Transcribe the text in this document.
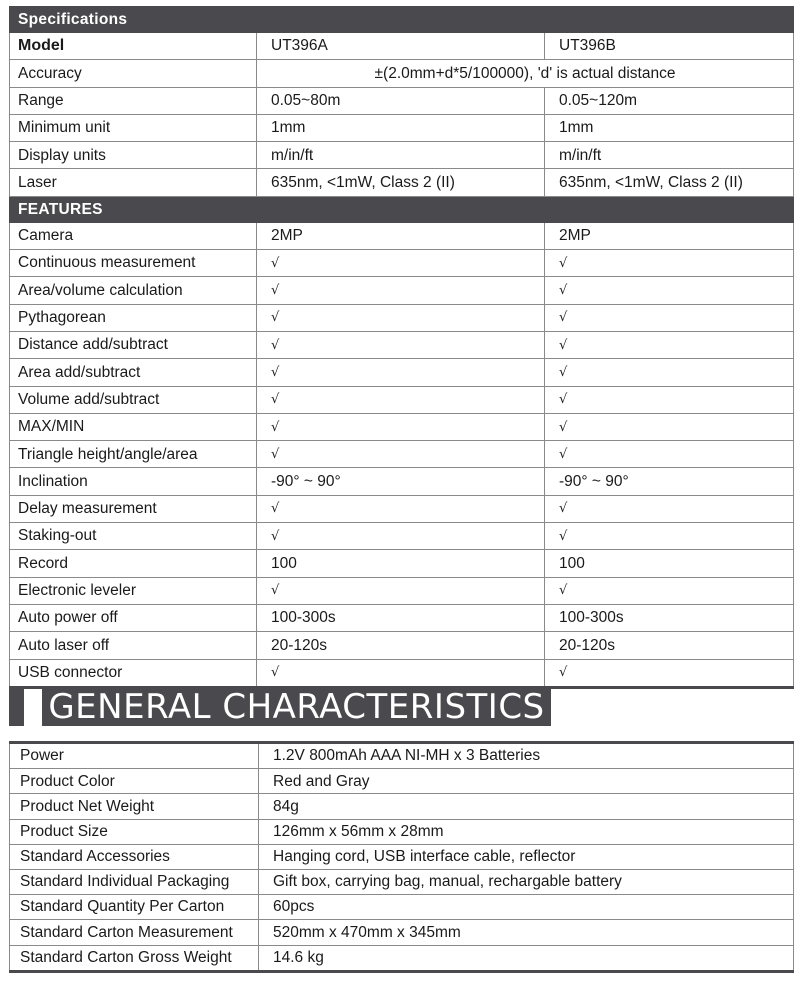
Specifications		
Model	UT396A	UT396B
Accuracy	±(2.0mm+d*5/100000), 'd' is actual distance	
Range	0.05~80m	0.05~120m
Minimum unit	1mm	1mm
Display units	m/in/ft	m/in/ft
Laser	635nm, <1mW, Class 2 (II)	635nm, <1mW, Class 2 (II)
FEATURES		
Camera	2MP	2MP
Continuous measurement	√	√
Area/volume calculation	√	√
Pythagorean	√	√
Distance add/subtract	√	√
Area add/subtract	√	√
Volume add/subtract	√	√
MAX/MIN	√	√
Triangle height/angle/area	√	√
Inclination	-90° ~ 90°	-90° ~ 90°
Delay measurement	√	√
Staking-out	√	√
Record	100	100
Electronic leveler	√	√
Auto power off	100-300s	100-300s
Auto laser off	20-120s	20-120s
USB connector	√	√
GENERAL CHARACTERISTICS
Power	1.2V 800mAh AAA NI-MH x 3 Batteries
Product Color	Red and Gray
Product Net Weight	84g
Product Size	126mm x 56mm x 28mm
Standard Accessories	Hanging cord, USB interface cable, reflector
Standard Individual Packaging	Gift box, carrying bag, manual, rechargable battery
Standard Quantity Per Carton	60pcs
Standard Carton Measurement	520mm x 470mm x 345mm
Standard Carton Gross Weight	14.6 kg
